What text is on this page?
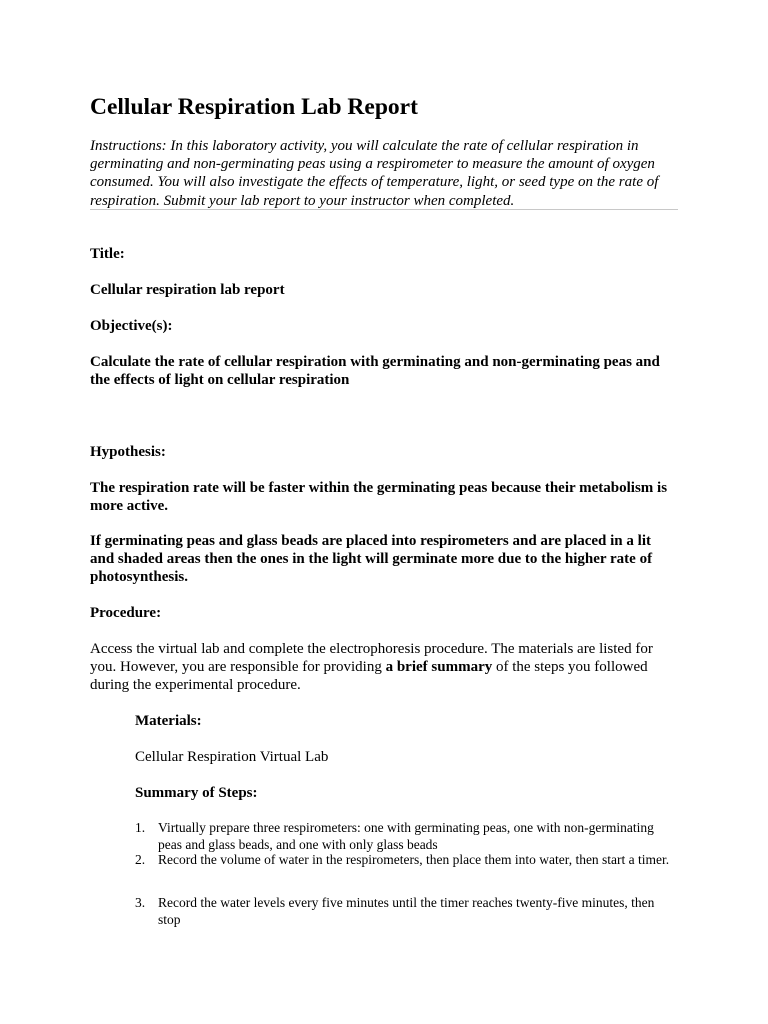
Cellular Respiration Lab Report

Instructions: In this laboratory activity, you will calculate the rate of cellular respiration in germinating and non-germinating peas using a respirometer to measure the amount of oxygen consumed. You will also investigate the effects of temperature, light, or seed type on the rate of respiration. Submit your lab report to your instructor when completed.

Title:

Cellular respiration lab report

Objective(s):

Calculate the rate of cellular respiration with germinating and non-germinating peas and the effects of light on cellular respiration

Hypothesis:

The respiration rate will be faster within the germinating peas because their metabolism is more active.

If germinating peas and glass beads are placed into respirometers and are placed in a lit and shaded areas then the ones in the light will germinate more due to the higher rate of photosynthesis.

Procedure:

Access the virtual lab and complete the electrophoresis procedure. The materials are listed for you. However, you are responsible for providing a brief summary of the steps you followed during the experimental procedure.

Materials:

Cellular Respiration Virtual Lab

Summary of Steps:

1. Virtually prepare three respirometers: one with germinating peas, one with non-germinating peas and glass beads, and one with only glass beads
2. Record the volume of water in the respirometers, then place them into water, then start a timer.
3. Record the water levels every five minutes until the timer reaches twenty-five minutes, then stop
